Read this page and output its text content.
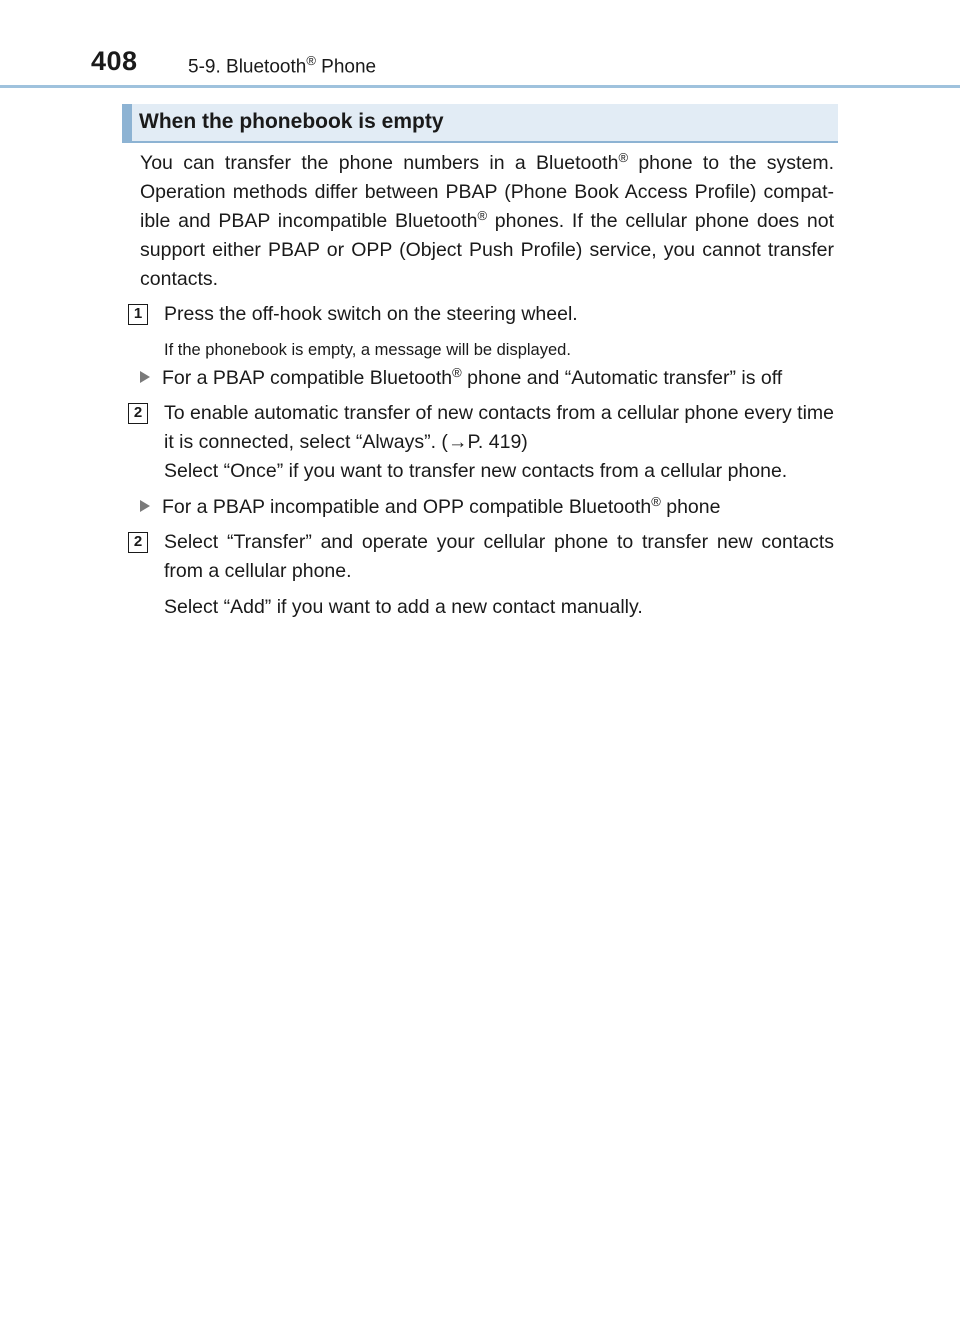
408	5-9. Bluetooth® Phone
When the phonebook is empty
You can transfer the phone numbers in a Bluetooth® phone to the system. Operation methods differ between PBAP (Phone Book Access Profile) compat-ible and PBAP incompatible Bluetooth® phones. If the cellular phone does not support either PBAP or OPP (Object Push Profile) service, you cannot transfer contacts.
1 Press the off-hook switch on the steering wheel.
If the phonebook is empty, a message will be displayed.
For a PBAP compatible Bluetooth® phone and “Automatic transfer” is off
2 To enable automatic transfer of new contacts from a cellular phone every time it is connected, select “Always”. (→P. 419)
Select “Once” if you want to transfer new contacts from a cellular phone.
For a PBAP incompatible and OPP compatible Bluetooth® phone
2 Select “Transfer” and operate your cellular phone to transfer new contacts from a cellular phone.
Select “Add” if you want to add a new contact manually.
